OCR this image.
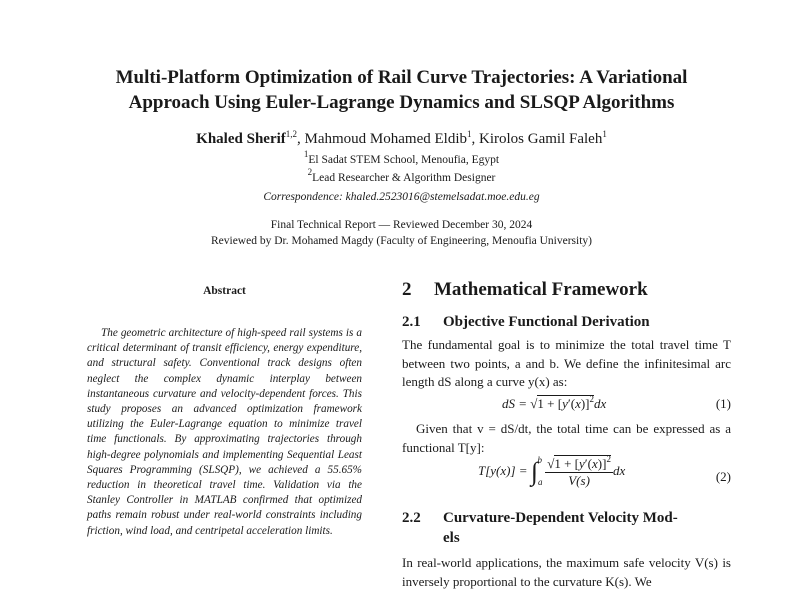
Multi-Platform Optimization of Rail Curve Trajectories: A Variational
Approach Using Euler-Lagrange Dynamics and SLSQP Algorithms
Khaled Sherif$^{1,2}$, Mahmoud Mohamed Eldib$^1$, Kirolos Gamil Faleh$^1$
$^1$El Sadat STEM School, Menoufia, Egypt
$^2$Lead Researcher & Algorithm Designer
Correspondence: khaled.2523016@stemelsadat.moe.edu.eg
Final Technical Report — Reviewed December 30, 2024
Reviewed by Dr. Mohamed Magdy (Faculty of Engineering, Menoufia University)
Abstract

The geometric architecture of high-speed rail systems is a critical determinant of transit efficiency, energy expenditure, and structural safety. Conventional track designs often neglect the complex dynamic interplay between instantaneous curvature and velocity-dependent forces. This study proposes an advanced optimization framework utilizing the Euler-Lagrange equation to minimize travel time functionals. By approximating trajectories through high-degree polynomials and implementing Sequential Least Squares Programming (SLSQP), we achieved a 55.65% reduction in theoretical travel time. Validation via the Stanley Controller in MATLAB confirmed that optimized paths remain robust under real-world constraints including friction, wind load, and centripetal acceleration limits.

2 Mathematical Framework
2.1 Objective Functional Derivation

The fundamental goal is to minimize the total travel time T between two points, a and b. We define the infinitesimal arc length dS along a curve y(x) as:

dS = $√1 + [y'(x)]^2dx$	(1)

Given that v = dS/dt, the total time can be expressed as a functional T[y]:

$T[y(x)] = \int_a^b \frac{√1 + [y'(x)]^2}{V(s)}$ dx	(2)
2.2 Curvature-Dependent Velocity Mod-
els

In real-world applications, the maximum safe velocity V(s) is inversely proportional to the curvature K(s). We
